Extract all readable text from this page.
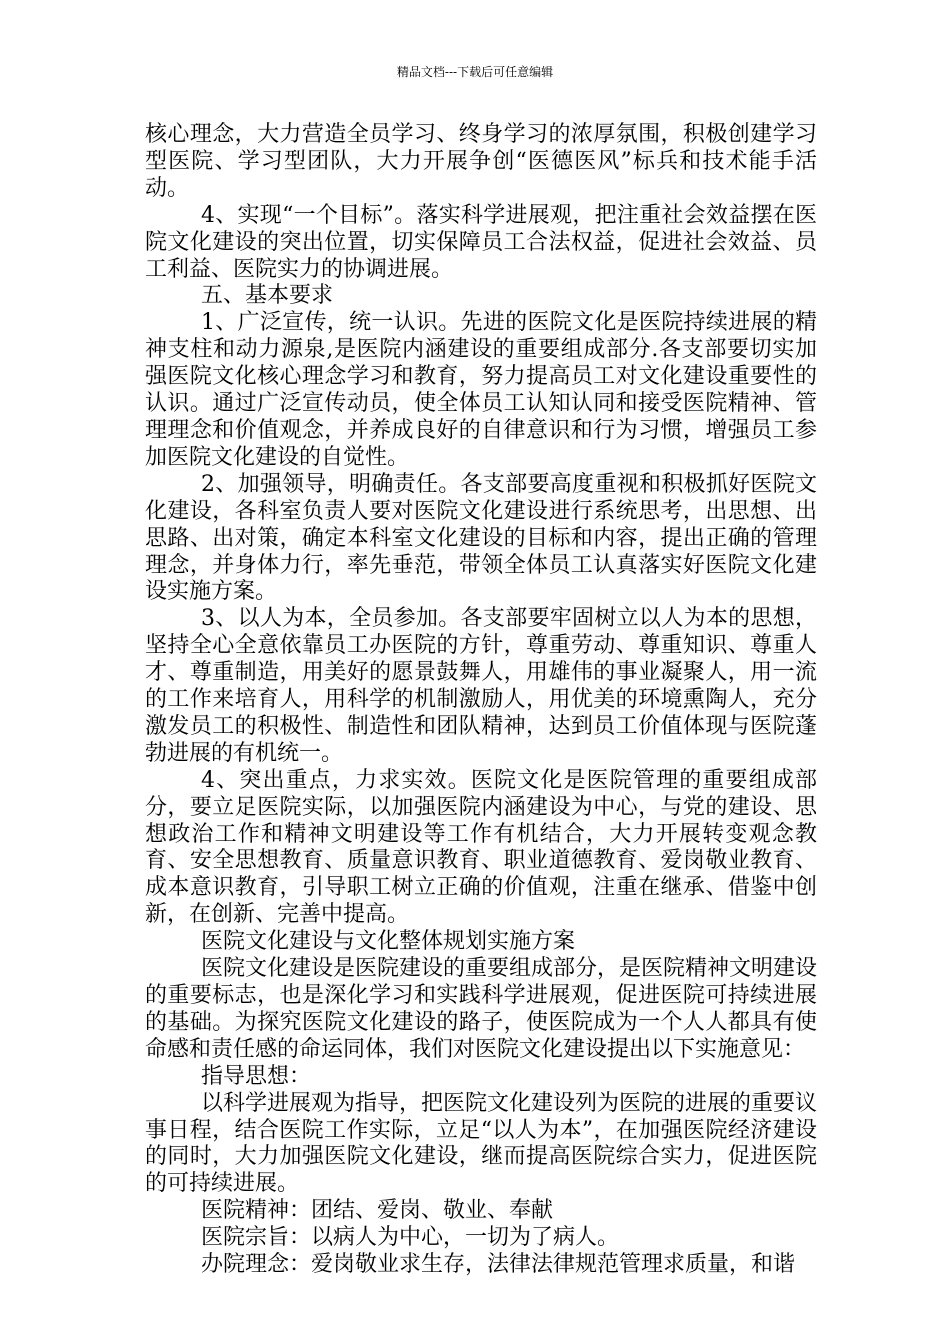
精品文档---下载后可任意编辑

核心理念，大力营造全员学习、终身学习的浓厚氛围，积极创建学习型医院、学习型团队，大力开展争创“医德医风”标兵和技术能手活动。

4、实现“一个目标”。落实科学进展观，把注重社会效益摆在医院文化建设的突出位置，切实保障员工合法权益，促进社会效益、员工利益、医院实力的协调进展。

五、基本要求

1、广泛宣传，统一认识。先进的医院文化是医院持续进展的精神支柱和动力源泉,是医院内涵建设的重要组成部分.各支部要切实加强医院文化核心理念学习和教育，努力提高员工对文化建设重要性的认识。通过广泛宣传动员，使全体员工认知认同和接受医院精神、管理理念和价值观念，并养成良好的自律意识和行为习惯，增强员工参加医院文化建设的自觉性。

2、加强领导，明确责任。各支部要高度重视和积极抓好医院文化建设，各科室负责人要对医院文化建设进行系统思考，出思想、出思路、出对策，确定本科室文化建设的目标和内容，提出正确的管理理念，并身体力行，率先垂范，带领全体员工认真落实好医院文化建设实施方案。

3、以人为本，全员参加。各支部要牢固树立以人为本的思想，坚持全心全意依靠员工办医院的方针，尊重劳动、尊重知识、尊重人才、尊重制造，用美好的愿景鼓舞人，用雄伟的事业凝聚人，用一流的工作来培育人，用科学的机制激励人，用优美的环境熏陶人，充分激发员工的积极性、制造性和团队精神，达到员工价值体现与医院蓬勃进展的有机统一。

4、突出重点，力求实效。医院文化是医院管理的重要组成部分，要立足医院实际，以加强医院内涵建设为中心，与党的建设、思想政治工作和精神文明建设等工作有机结合，大力开展转变观念教育、安全思想教育、质量意识教育、职业道德教育、爱岗敬业教育、成本意识教育，引导职工树立正确的价值观，注重在继承、借鉴中创新，在创新、完善中提高。

医院文化建设与文化整体规划实施方案

医院文化建设是医院建设的重要组成部分，是医院精神文明建设的重要标志，也是深化学习和实践科学进展观，促进医院可持续进展的基础。为探究医院文化建设的路子，使医院成为一个人人都具有使命感和责任感的命运同体，我们对医院文化建设提出以下实施意见：

指导思想：

以科学进展观为指导，把医院文化建设列为医院的进展的重要议事日程，结合医院工作实际，立足“以人为本”，在加强医院经济建设的同时，大力加强医院文化建设，继而提高医院综合实力，促进医院的可持续进展。

医院精神：团结、爱岗、敬业、奉献

医院宗旨：以病人为中心，一切为了病人。

办院理念：爱岗敬业求生存，法律法律规范管理求质量，和谐
